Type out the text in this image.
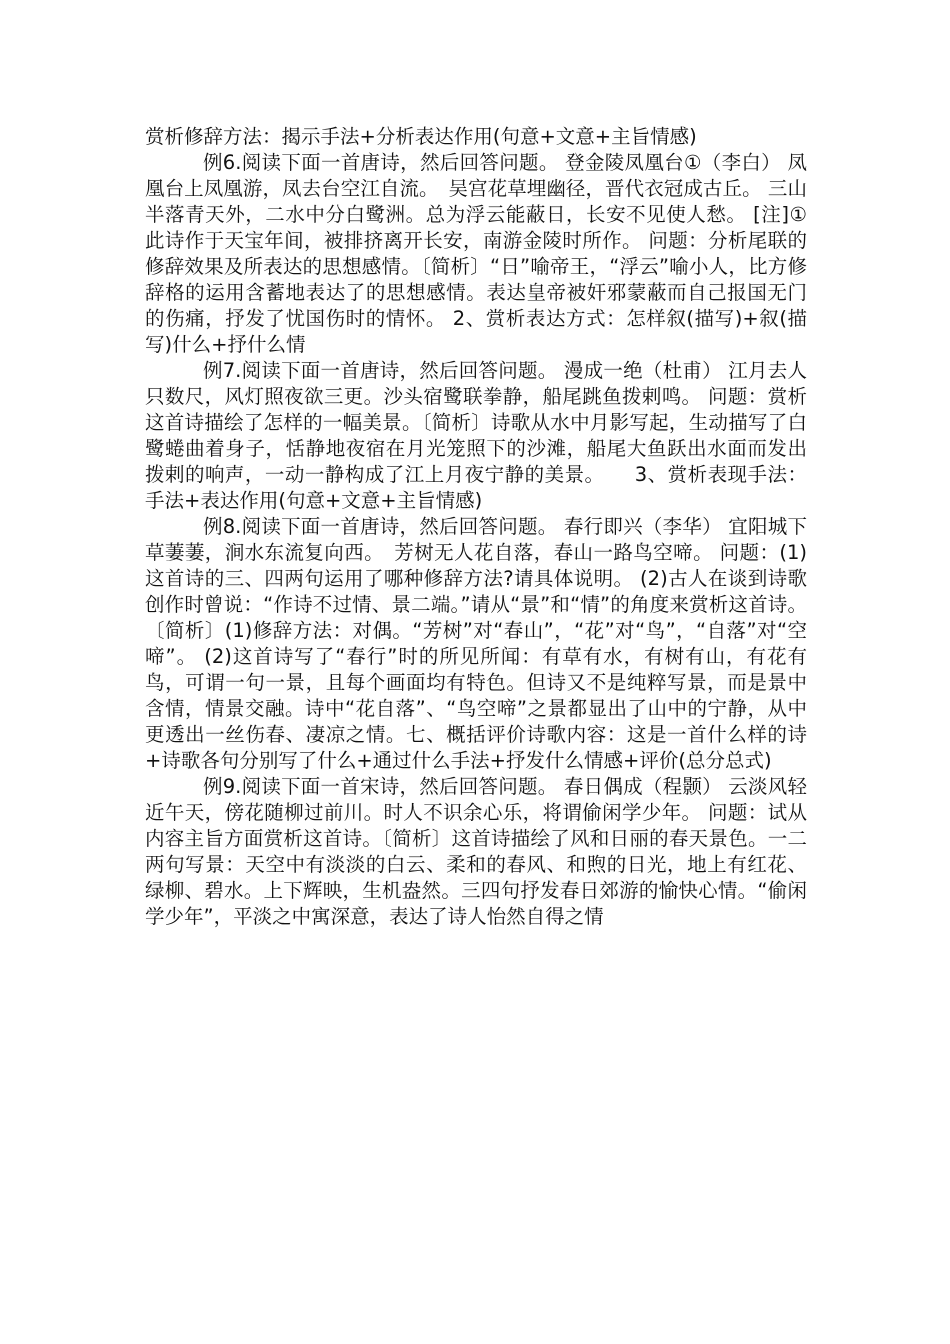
赏析修辞方法：揭示手法+分析表达作用(句意+文意+主旨情感)

例6.阅读下面一首唐诗，然后回答问题。 登金陵凤凰台①（李白） 凤凰台上凤凰游，凤去台空江自流。　吴宫花草埋幽径，晋代衣冠成古丘。 三山半落青天外，二水中分白鹭洲。总为浮云能蔽日，长安不见使人愁。 [注]① 此诗作于天宝年间，被排挤离开长安，南游金陵时所作。 问题：分析尾联的修辞效果及所表达的思想感情。〔简析〕“日”喻帝王，“浮云”喻小人，比方修辞格的运用含蓄地表达了的思想感情。表达皇帝被奸邪蒙蔽而自己报国无门的伤痛，抒发了忧国伤时的情怀。 2、赏析表达方式：怎样叙(描写)+叙(描写)什么+抒什么情

例7.阅读下面一首唐诗，然后回答问题。 漫成一绝（杜甫） 江月去人只数尺，风灯照夜欲三更。沙头宿鹭联拳静，船尾跳鱼拨剌鸣。 问题：赏析这首诗描绘了怎样的一幅美景。〔简析〕诗歌从水中月影写起，生动描写了白鹭蜷曲着身子，恬静地夜宿在月光笼照下的沙滩，船尾大鱼跃出水面而发出拨剌的响声，一动一静构成了江上月夜宁静的美景。　　3、赏析表现手法：手法+表达作用(句意+文意+主旨情感)

例8.阅读下面一首唐诗，然后回答问题。 春行即兴（李华） 宜阳城下草萋萋，涧水东流复向西。　芳树无人花自落，春山一路鸟空啼。 问题：(1)这首诗的三、四两句运用了哪种修辞方法?请具体说明。 (2)古人在谈到诗歌创作时曾说：“作诗不过情、景二端。”请从“景”和“情”的角度来赏析这首诗。〔简析〕(1)修辞方法：对偶。“芳树”对“春山”，“花”对“鸟”，“自落”对“空啼”。 (2)这首诗写了“春行”时的所见所闻：有草有水，有树有山，有花有鸟，可谓一句一景，且每个画面均有特色。但诗又不是纯粹写景，而是景中含情，情景交融。诗中“花自落”、“鸟空啼”之景都显出了山中的宁静，从中更透出一丝伤春、凄凉之情。七、概括评价诗歌内容：这是一首什么样的诗+诗歌各句分别写了什么+通过什么手法+抒发什么情感+评价(总分总式)

例9.阅读下面一首宋诗，然后回答问题。 春日偶成（程颢） 云淡风轻近午天，傍花随柳过前川。时人不识余心乐，将谓偷闲学少年。 问题：试从内容主旨方面赏析这首诗。〔简析〕这首诗描绘了风和日丽的春天景色。一二两句写景：天空中有淡淡的白云、柔和的春风、和煦的日光，地上有红花、绿柳、碧水。上下辉映，生机盎然。三四句抒发春日郊游的愉快心情。“偷闲学少年”，平淡之中寓深意，表达了诗人怡然自得之情
